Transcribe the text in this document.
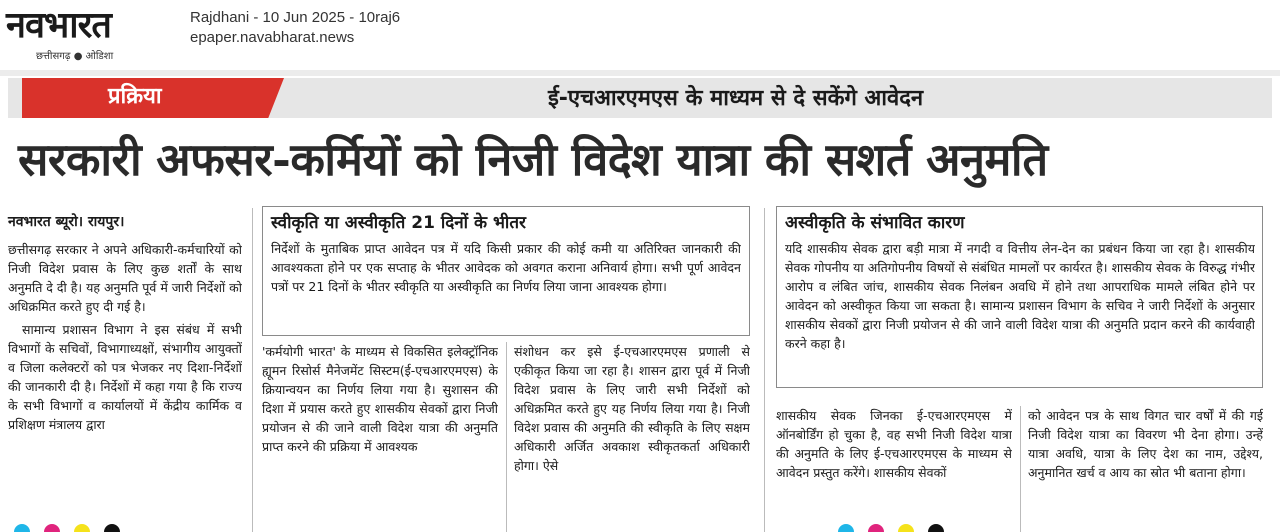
नवभारत
छत्तीसगढ़ ● ओडिशा
Rajdhani - 10 Jun 2025 - 10raj6
epaper.navabharat.news
प्रक्रिया	ई-एचआरएमएस के माध्यम से दे सकेंगे आवेदन
सरकारी अफसर-कर्मियों को निजी विदेश यात्रा की सशर्त अनुमति
नवभारत ब्यूरो। रायपुर।

छत्तीसगढ़ सरकार ने अपने अधिकारी-कर्मचारियों को निजी विदेश प्रवास के लिए कुछ शर्तों के साथ अनुमति दे दी है। यह अनुमति पूर्व में जारी निर्देशों को अधिक्रमित करते हुए दी गई है।

सामान्य प्रशासन विभाग ने इस संबंध में सभी विभागों के सचिवों, विभागाध्यक्षों, संभागीय आयुक्तों व जिला कलेक्टरों को पत्र भेजकर नए दिशा-निर्देशों की जानकारी दी है। निर्देशों में कहा गया है कि राज्य के सभी विभागों व कार्यालयों में केंद्रीय कार्मिक व प्रशिक्षण मंत्रालय द्वारा

स्वीकृति या अस्वीकृति 21 दिनों के भीतर
निर्देशों के मुताबिक प्राप्त आवेदन पत्र में यदि किसी प्रकार की कोई कमी या अतिरिक्त जानकारी की आवश्यकता होने पर एक सप्ताह के भीतर आवेदक को अवगत कराना अनिवार्य होगा। सभी पूर्ण आवेदन पत्रों पर 21 दिनों के भीतर स्वीकृति या अस्वीकृति का निर्णय लिया जाना आवश्यक होगा।
अस्वीकृति के संभावित कारण
यदि शासकीय सेवक द्वारा बड़ी मात्रा में नगदी व वित्तीय लेन-देन का प्रबंधन किया जा रहा है। शासकीय सेवक गोपनीय या अतिगोपनीय विषयों से संबंधित मामलों पर कार्यरत है। शासकीय सेवक के विरुद्ध गंभीर आरोप व लंबित जांच, शासकीय सेवक निलंबन अवधि में होने तथा आपराधिक मामले लंबित होने पर आवेदन को अस्वीकृत किया जा सकता है। सामान्य प्रशासन विभाग के सचिव ने जारी निर्देशों के अनुसार शासकीय सेवकों द्वारा निजी प्रयोजन से की जाने वाली विदेश यात्रा की अनुमति प्रदान करने की कार्यवाही करने कहा है।
'कर्मयोगी भारत' के माध्यम से विकसित इलेक्ट्रॉनिक ह्यूमन रिसोर्स मैनेजमेंट सिस्टम(ई-एचआरएमएस) के क्रियान्वयन का निर्णय लिया गया है। सुशासन की दिशा में प्रयास करते हुए शासकीय सेवकों द्वारा निजी प्रयोजन से की जाने वाली विदेश यात्रा की अनुमति प्राप्त करने की प्रक्रिया में आवश्यक
संशोधन कर इसे ई-एचआरएमएस प्रणाली से एकीकृत किया जा रहा है। शासन द्वारा पूर्व में निजी विदेश प्रवास के लिए जारी सभी निर्देशों को अधिक्रमित करते हुए यह निर्णय लिया गया है। निजी विदेश प्रवास की अनुमति की स्वीकृति के लिए सक्षम अधिकारी अर्जित अवकाश स्वीकृतकर्ता अधिकारी होगा। ऐसे
शासकीय सेवक जिनका ई-एचआरएमएस में ऑनबोर्डिंग हो चुका है, वह सभी निजी विदेश यात्रा की अनुमति के लिए ई-एचआरएमएस के माध्यम से आवेदन प्रस्तुत करेंगे। शासकीय सेवकों
को आवेदन पत्र के साथ विगत चार वर्षों में की गई निजी विदेश यात्रा का विवरण भी देना होगा। उन्हें यात्रा अवधि, यात्रा के लिए देश का नाम, उद्देश्य, अनुमानित खर्च व आय का स्रोत भी बताना होगा।
